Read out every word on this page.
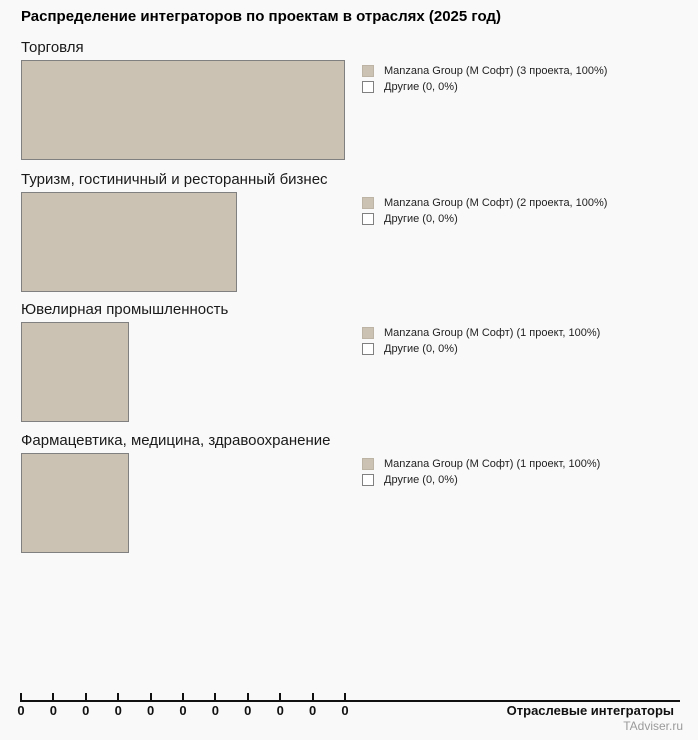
Распределение интеграторов по проектам в отраслях (2025 год)
Торговля
Manzana Group (М Софт) (3 проекта, 100%)
Другие (0, 0%)
Туризм, гостиничный и ресторанный бизнес
Manzana Group (М Софт) (2 проекта, 100%)
Другие (0, 0%)
Ювелирная промышленность
Manzana Group (М Софт) (1 проект, 100%)
Другие (0, 0%)
Фармацевтика, медицина, здравоохранение
Manzana Group (М Софт) (1 проект, 100%)
Другие (0, 0%)
0	0	0	0	0	0	0	0	0	0	0	Отраслевые интеграторы
TAdviser.ru
